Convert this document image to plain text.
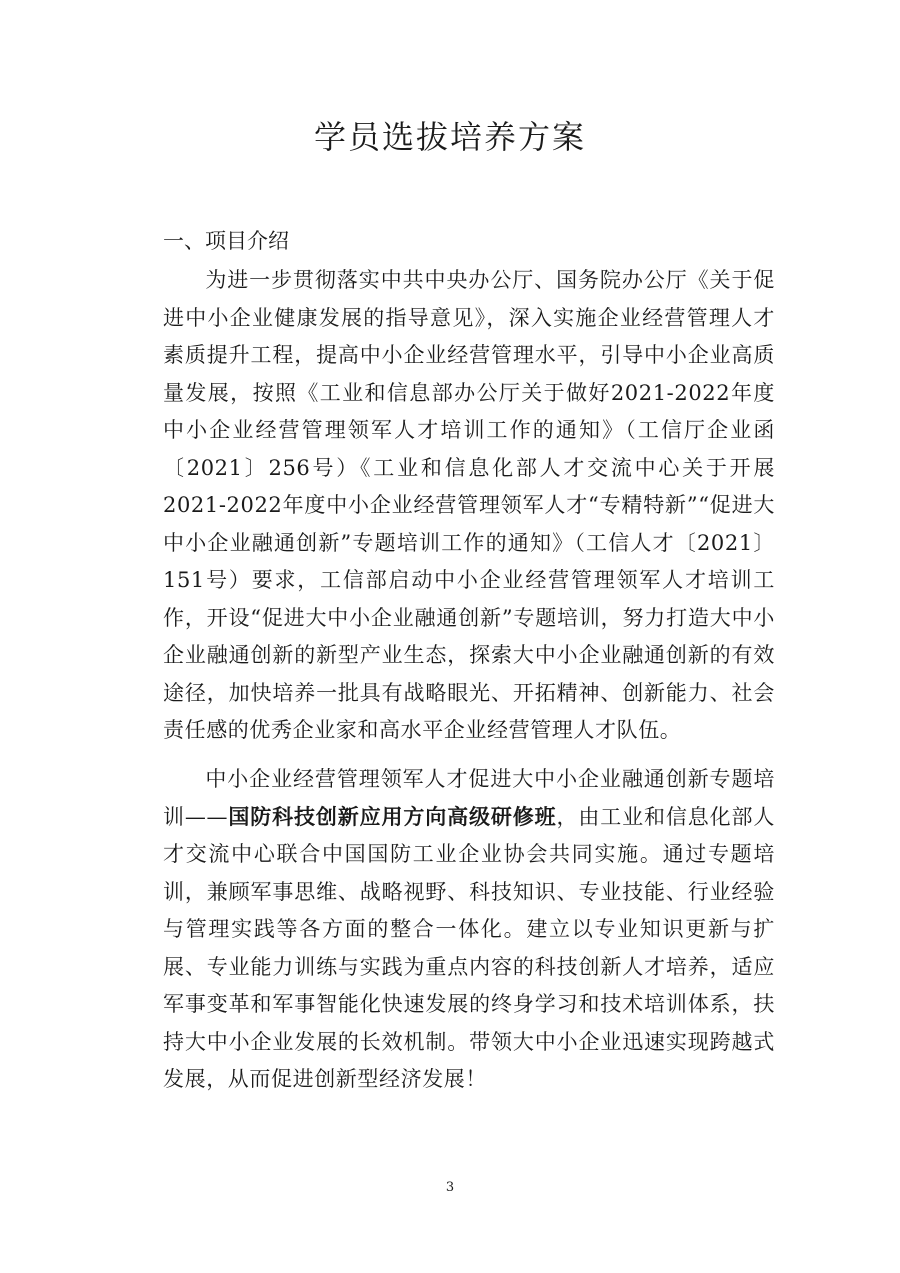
学员选拔培养方案
一、项目介绍

为进一步贯彻落实中共中央办公厅、国务院办公厅《关于促进中小企业健康发展的指导意见》，深入实施企业经营管理人才素质提升工程，提高中小企业经营管理水平，引导中小企业高质量发展，按照《工业和信息部办公厅关于做好2021-2022年度中小企业经营管理领军人才培训工作的通知》（工信厅企业函〔2021〕256号）《工业和信息化部人才交流中心关于开展2021-2022年度中小企业经营管理领军人才“专精特新”“促进大中小企业融通创新”专题培训工作的通知》（工信人才〔2021〕151号）要求，工信部启动中小企业经营管理领军人才培训工作，开设“促进大中小企业融通创新”专题培训，努力打造大中小企业融通创新的新型产业生态，探索大中小企业融通创新的有效途径，加快培养一批具有战略眼光、开拓精神、创新能力、社会责任感的优秀企业家和高水平企业经营管理人才队伍。

中小企业经营管理领军人才促进大中小企业融通创新专题培训——国防科技创新应用方向高级研修班，由工业和信息化部人才交流中心联合中国国防工业企业协会共同实施。通过专题培训，兼顾军事思维、战略视野、科技知识、专业技能、行业经验与管理实践等各方面的整合一体化。建立以专业知识更新与扩展、专业能力训练与实践为重点内容的科技创新人才培养，适应军事变革和军事智能化快速发展的终身学习和技术培训体系，扶持大中小企业发展的长效机制。带领大中小企业迅速实现跨越式发展，从而促进创新型经济发展！

3
